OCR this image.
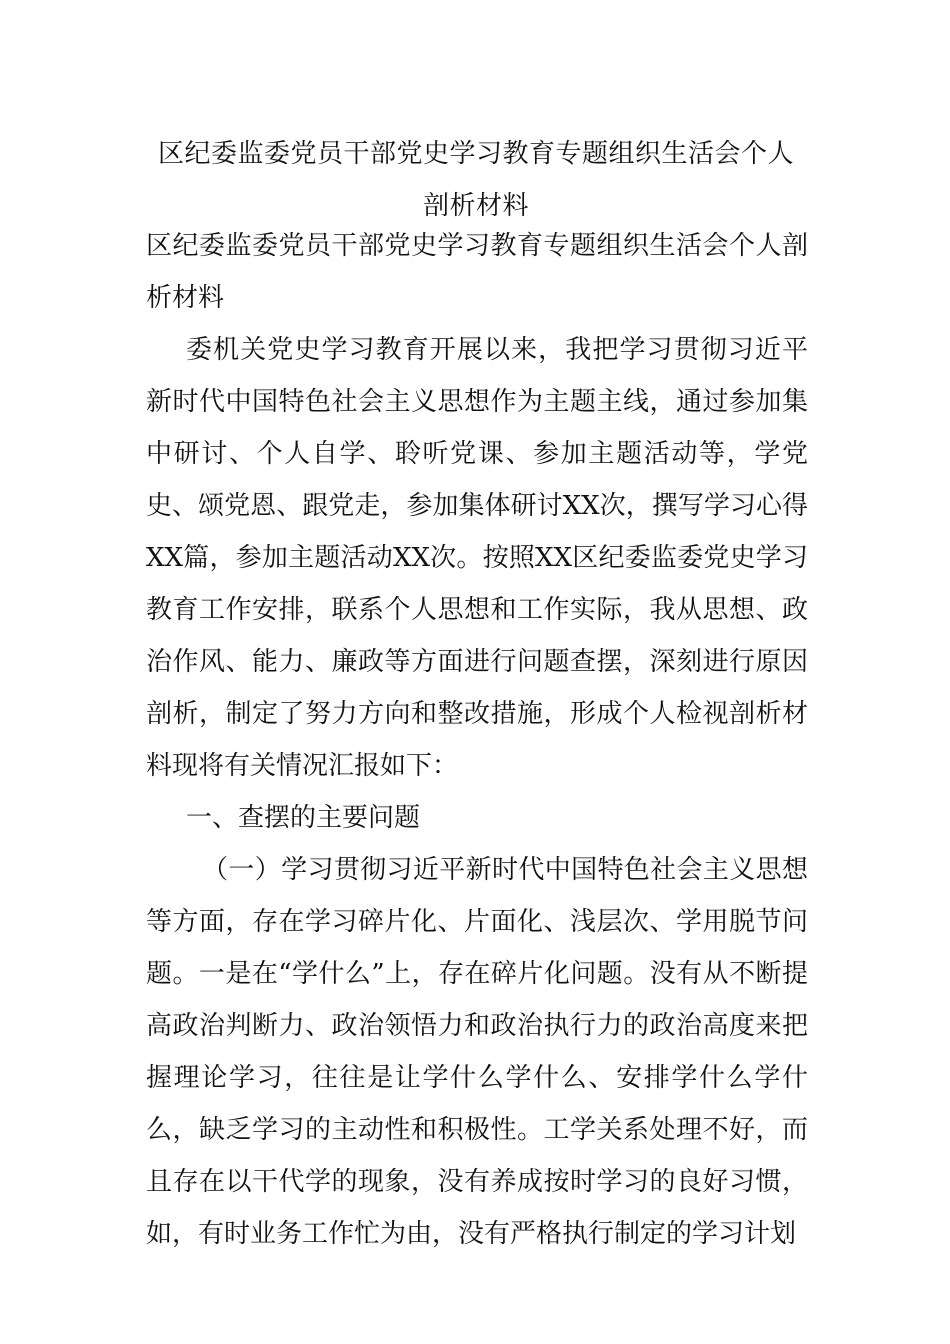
区纪委监委党员干部党史学习教育专题组织生活会个人剖析材料

区纪委监委党员干部党史学习教育专题组织生活会个人剖析材料

委机关党史学习教育开展以来，我把学习贯彻习近平新时代中国特色社会主义思想作为主题主线，通过参加集中研讨、个人自学、聆听党课、参加主题活动等，学党史、颂党恩、跟党走，参加集体研讨XX次，撰写学习心得XX篇，参加主题活动XX次。按照XX区纪委监委党史学习教育工作安排，联系个人思想和工作实际，我从思想、政治作风、能力、廉政等方面进行问题查摆，深刻进行原因剖析，制定了努力方向和整改措施，形成个人检视剖析材料现将有关情况汇报如下：

一、查摆的主要问题

（一）学习贯彻习近平新时代中国特色社会主义思想等方面，存在学习碎片化、片面化、浅层次、学用脱节问题。一是在“学什么”上，存在碎片化问题。没有从不断提高政治判断力、政治领悟力和政治执行力的政治高度来把握理论学习，往往是让学什么学什么、安排学什么学什么，缺乏学习的主动性和积极性。工学关系处理不好，而且存在以干代学的现象，没有养成按时学习的良好习惯，如，有时业务工作忙为由，没有严格执行制定的学习计划
